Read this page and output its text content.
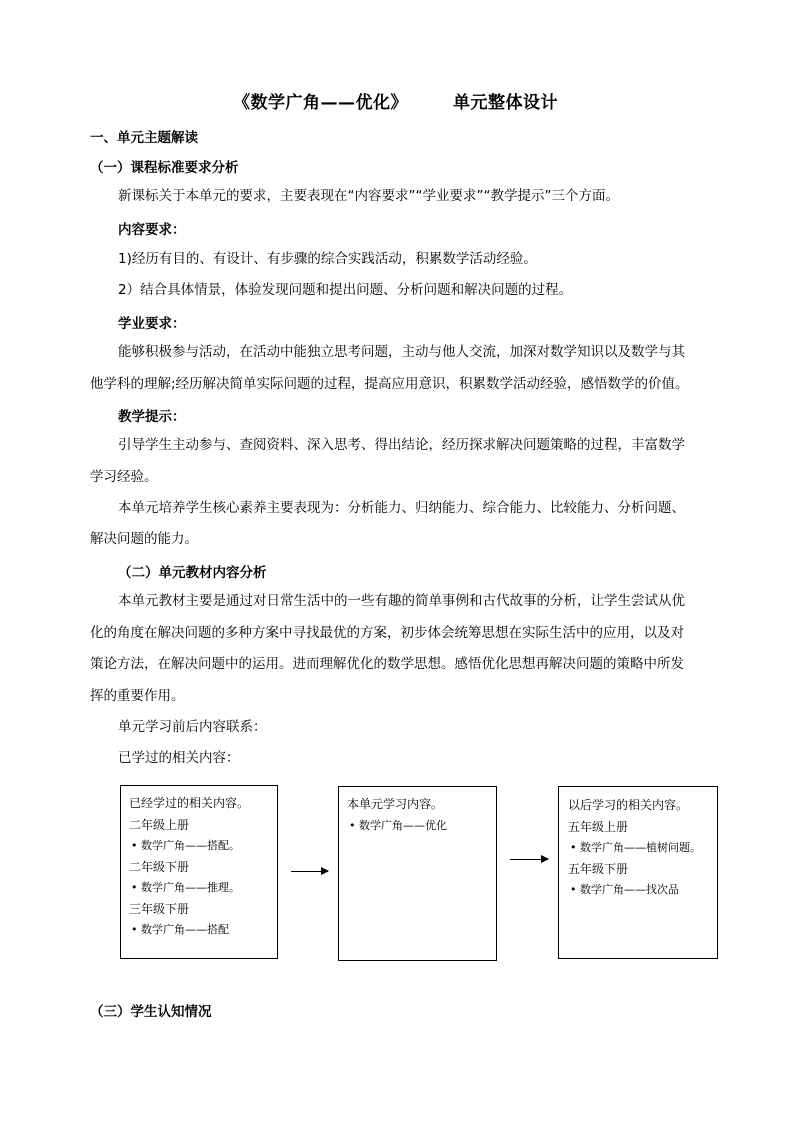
《数学广角——优化》	单元整体设计
一、单元主题解读
（一）课程标准要求分析
新课标关于本单元的要求，主要表现在“内容要求”“学业要求”“教学提示”三个方面。
内容要求：
1)经历有目的、有设计、有步骤的综合实践活动，积累数学活动经验。
2）结合具体情景，体验发现问题和提出问题、分析问题和解决问题的过程。
学业要求：
能够积极参与活动，在活动中能独立思考问题，主动与他人交流，加深对数学知识以及数学与其
他学科的理解;经历解决简单实际问题的过程，提高应用意识，积累数学活动经验，感悟数学的价值。
教学提示：
引导学生主动参与、查阅资料、深入思考、得出结论，经历探求解决问题策略的过程，丰富数学
学习经验。
本单元培养学生核心素养主要表现为：分析能力、归纳能力、综合能力、比较能力、分析问题、
解决问题的能力。
（二）单元教材内容分析
本单元教材主要是通过对日常生活中的一些有趣的简单事例和古代故事的分析，让学生尝试从优
化的角度在解决问题的多种方案中寻找最优的方案，初步体会统筹思想在实际生活中的应用，以及对
策论方法，在解决问题中的运用。进而理解优化的数学思想。感悟优化思想再解决问题的策略中所发
挥的重要作用。
单元学习前后内容联系：
已学过的相关内容：
已经学过的相关内容。
二年级上册
• 数学广角——搭配。
二年级下册
• 数学广角——推理。
三年级下册
• 数学广角——搭配
本单元学习内容。
• 数学广角——优化
以后学习的相关内容。
五年级上册
• 数学广角——植树问题。
五年级下册
• 数学广角——找次品
（三）学生认知情况
